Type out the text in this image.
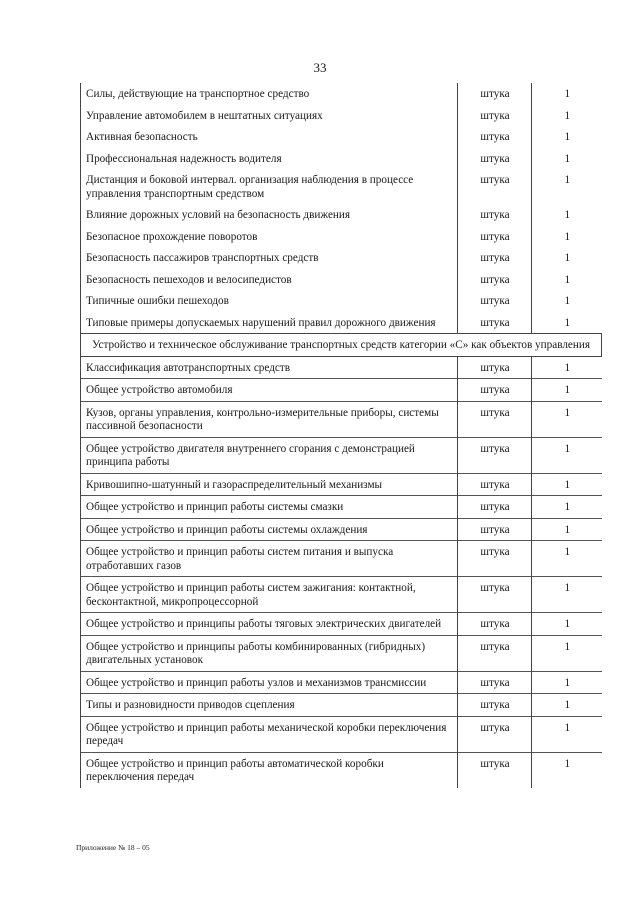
33
Силы, действующие на транспортное средство	штука	1
Управление автомобилем в нештатных ситуациях	штука	1
Активная безопасность	штука	1
Профессиональная надежность водителя	штука	1
Дистанция и боковой интервал. организация наблюдения в процессе управления транспортным средством	штука	1
Влияние дорожных условий на безопасность движения	штука	1
Безопасное прохождение поворотов	штука	1
Безопасность пассажиров транспортных средств	штука	1
Безопасность пешеходов и велосипедистов	штука	1
Типичные ошибки пешеходов	штука	1
Типовые примеры допускаемых нарушений правил дорожного движения	штука	1
Устройство и техническое обслуживание транспортных средств категории «С» как объектов управления		
Классификация автотранспортных средств	штука	1
Общее устройство автомобиля	штука	1
Кузов, органы управления, контрольно-измерительные приборы, системы пассивной безопасности	штука	1
Общее устройство двигателя внутреннего сгорания с демонстрацией принципа работы	штука	1
Кривошипно-шатунный и газораспределительный механизмы	штука	1
Общее устройство и принцип работы системы смазки	штука	1
Общее устройство и принцип работы системы охлаждения	штука	1
Общее устройство и принцип работы систем питания и выпуска отработавших газов	штука	1
Общее устройство и принцип работы систем зажигания: контактной, бесконтактной, микропроцессорной	штука	1
Общее устройство и принципы работы тяговых электрических двигателей	штука	1
Общее устройство и принципы работы комбинированных (гибридных) двигательных установок	штука	1
Общее устройство и принцип работы узлов и механизмов трансмиссии	штука	1
Типы и разновидности приводов сцепления	штука	1
Общее устройство и принцип работы механической коробки переключения передач	штука	1
Общее устройство и принцип работы автоматической коробки переключения передач	штука	1
Приложение № 18 – 05
